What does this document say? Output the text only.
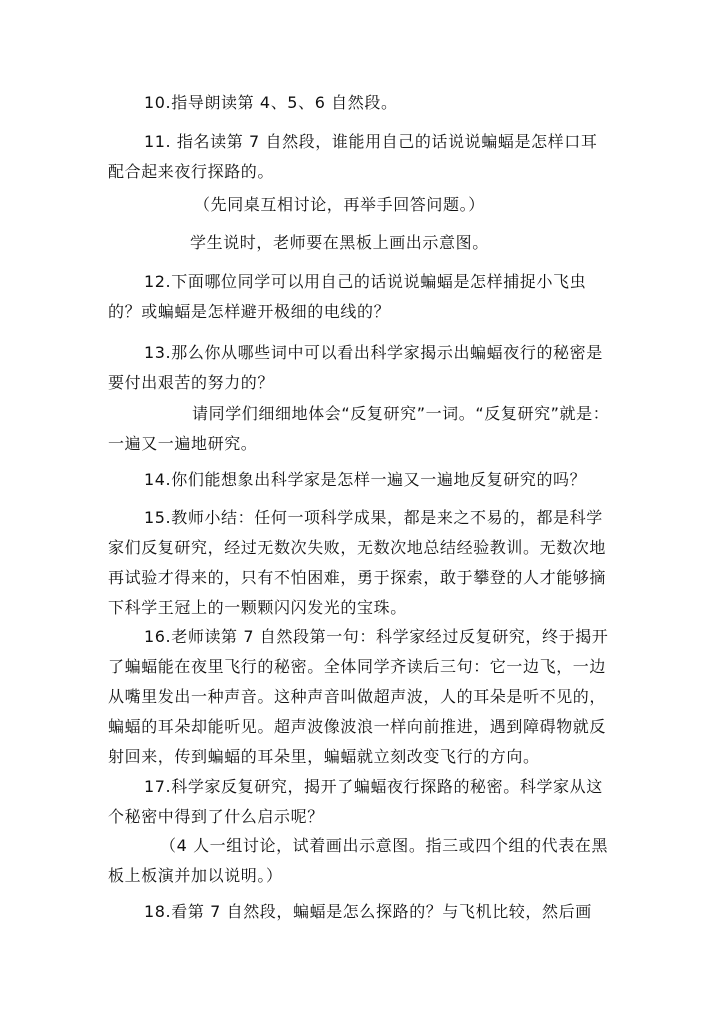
10.指导朗读第 4、5、6 自然段。

11. 指名读第 7 自然段，谁能用自己的话说说蝙蝠是怎样口耳配合起来夜行探路的。

（先同桌互相讨论，再举手回答问题。）

学生说时，老师要在黑板上画出示意图。

12.下面哪位同学可以用自己的话说说蝙蝠是怎样捕捉小飞虫的？或蝙蝠是怎样避开极细的电线的？

13.那么你从哪些词中可以看出科学家揭示出蝙蝠夜行的秘密是要付出艰苦的努力的？

请同学们细细地体会“反复研究”一词。“反复研究”就是：一遍又一遍地研究。

14.你们能想象出科学家是怎样一遍又一遍地反复研究的吗？

15.教师小结：任何一项科学成果，都是来之不易的，都是科学家们反复研究，经过无数次失败，无数次地总结经验教训。无数次地再试验才得来的，只有不怕困难，勇于探索，敢于攀登的人才能够摘下科学王冠上的一颗颗闪闪发光的宝珠。

16.老师读第 7 自然段第一句：科学家经过反复研究，终于揭开了蝙蝠能在夜里飞行的秘密。全体同学齐读后三句：它一边飞，一边从嘴里发出一种声音。这种声音叫做超声波，人的耳朵是听不见的，蝙蝠的耳朵却能听见。超声波像波浪一样向前推进，遇到障碍物就反射回来，传到蝙蝠的耳朵里，蝙蝠就立刻改变飞行的方向。

17.科学家反复研究，揭开了蝙蝠夜行探路的秘密。科学家从这个秘密中得到了什么启示呢？

（4 人一组讨论，试着画出示意图。指三或四个组的代表在黑板上板演并加以说明。）

18.看第 7 自然段，蝙蝠是怎么探路的？与飞机比较，然后画
